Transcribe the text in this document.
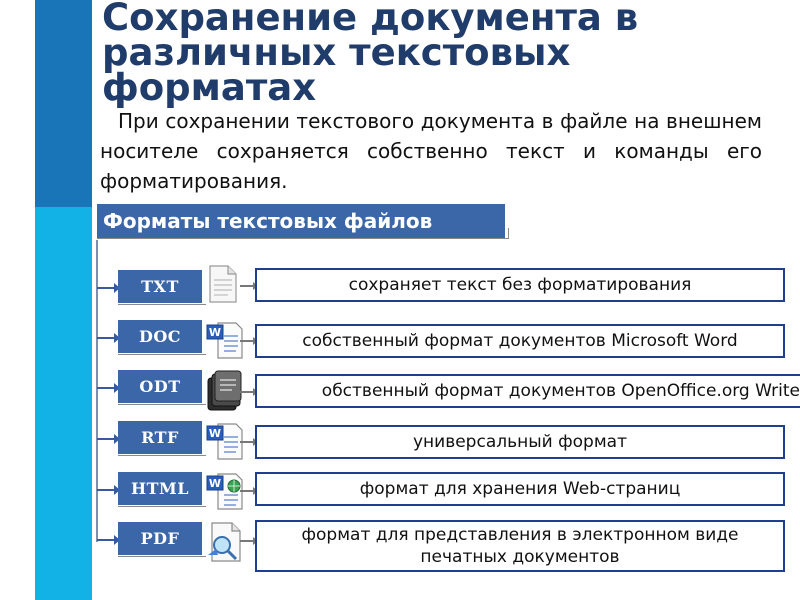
Сохранение документа в различных текстовых форматах

При сохранении текстового документа в файле на внешнем носителе сохраняется собственно текст и команды его форматирования.

Форматы текстовых файлов
TXT	сохраняет текст без форматирования
DOC	W	собственный формат документов Microsoft Word
ODT	обственный формат документов OpenOffice.org Write
RTF	W	универсальный формат
HTML	W	формат для хранения Web-страниц
PDF	формат для представления в электронном виде печатных документов
